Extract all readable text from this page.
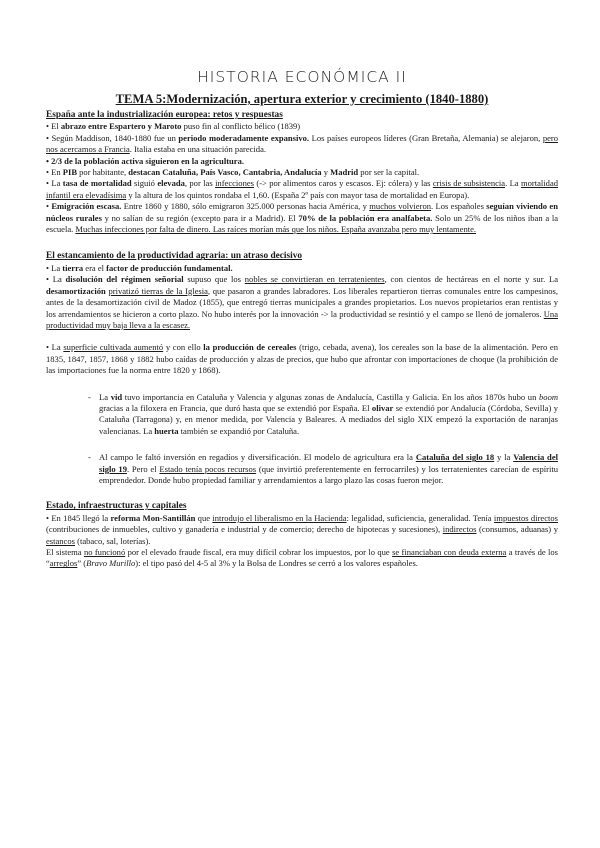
HISTORIA ECONÓMICA II
TEMA 5:Modernización, apertura exterior y crecimiento (1840-1880)
España ante la industrialización europea: retos y respuestas

• El abrazo entre Espartero y Maroto puso fin al conflicto bélico (1839)

• Según Maddison, 1840-1880 fue un periodo moderadamente expansivo. Los países europeos líderes (Gran Bretaña, Alemania) se alejaron, pero nos acercamos a Francia. Italia estaba en una situación parecida.

• 2/3 de la población activa siguieron en la agricultura.

• En PIB por habitante, destacan Cataluña, País Vasco, Cantabria, Andalucía y Madrid por ser la capital.

• La tasa de mortalidad siguió elevada, por las infecciones (-> por alimentos caros y escasos. Ej: cólera) y las crisis de subsistencia. La mortalidad infantil era elevadísima y la altura de los quintos rondaba el 1,60. (España 2º país con mayor tasa de mortalidad en Europa).

• Emigración escasa. Entre 1860 y 1880, sólo emigraron 325.000 personas hacia América, y muchos volvieron. Los españoles seguían viviendo en núcleos rurales y no salían de su región (excepto para ir a Madrid). El 70% de la población era analfabeta. Solo un 25% de los niños iban a la escuela. Muchas infecciones por falta de dinero. Las raíces morían más que los niños. España avanzaba pero muy lentamente.

El estancamiento de la productividad agraria: un atraso decisivo

• La tierra era el factor de producción fundamental.

• La disolución del régimen señorial supuso que los nobles se convirtieran en terratenientes, con cientos de hectáreas en el norte y sur. La desamortización privatizó tierras de la Iglesia, que pasaron a grandes labradores. Los liberales repartieron tierras comunales entre los campesinos, antes de la desamortización civil de Madoz (1855), que entregó tierras municipales a grandes propietarios. Los nuevos propietarios eran rentistas y los arrendamientos se hicieron a corto plazo. No hubo interés por la innovación -> la productividad se resintió y el campo se llenó de jornaleros. Una productividad muy baja lleva a la escasez.

• La superficie cultivada aumentó y con ello la producción de cereales (trigo, cebada, avena), los cereales son la base de la alimentación. Pero en 1835, 1847, 1857, 1868 y 1882 hubo caídas de producción y alzas de precios, que hubo que afrontar con importaciones de choque (la prohibición de las importaciones fue la norma entre 1820 y 1868).

- La vid tuvo importancia en Cataluña y Valencia y algunas zonas de Andalucía, Castilla y Galicia. En los años 1870s hubo un boom gracias a la filoxera en Francia, que duró hasta que se extendió por España. El olivar se extendió por Andalucía (Córdoba, Sevilla) y Cataluña (Tarragona) y, en menor medida, por Valencia y Baleares. A mediados del siglo XIX empezó la exportación de naranjas valencianas. La huerta también se expandió por Cataluña.

- Al campo le faltó inversión en regadíos y diversificación. El modelo de agricultura era la Cataluña del siglo 18 y la Valencia del siglo 19. Pero el Estado tenía pocos recursos (que invirtió preferentemente en ferrocarriles) y los terratenientes carecían de espíritu emprendedor. Donde hubo propiedad familiar y arrendamientos a largo plazo las cosas fueron mejor.

Estado, infraestructuras y capitales

• En 1845 llegó la reforma Mon-Santillán que introdujo el liberalismo en la Hacienda: legalidad, suficiencia, generalidad. Tenía impuestos directos (contribuciones de inmuebles, cultivo y ganadería e industrial y de comercio; derecho de hipotecas y sucesiones), indirectos (consumos, aduanas) y estancos (tabaco, sal, loterías).

El sistema no funcionó por el elevado fraude fiscal, era muy difícil cobrar los impuestos, por lo que se financiaban con deuda externa a través de los “arreglos” (Bravo Murillo): el tipo pasó del 4-5 al 3% y la Bolsa de Londres se cerró a los valores españoles.
